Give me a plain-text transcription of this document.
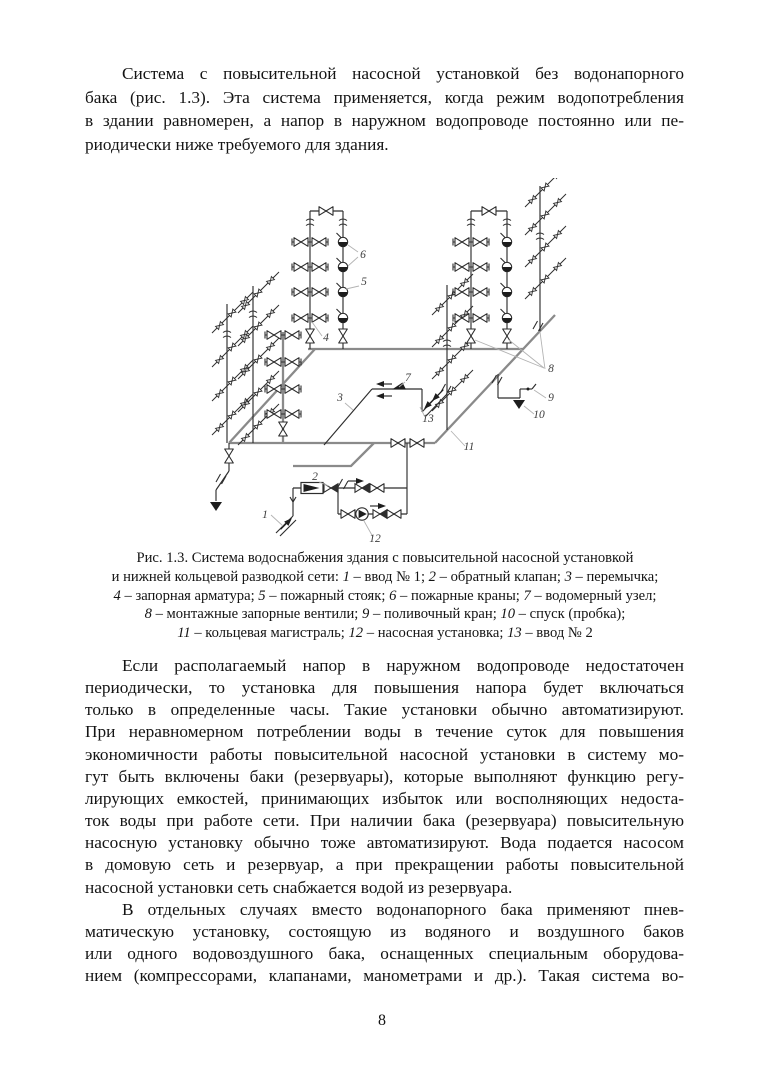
Система с повысительной насосной установкой без водонапорного
бака (рис. 1.3). Эта система применяется, когда режим водопотребления
в здании равномерен, а напор в наружном водопроводе постоянно или пе-
риодически ниже требуемого для здания.
1
2
3
4
5
6
7
8
9
10
11
12
13
Рис. 1.3. Система водоснабжения здания с повысительной насосной установкой
и нижней кольцевой разводкой сети: 1 – ввод № 1; 2 – обратный клапан; 3 – перемычка;
4 – запорная арматура; 5 – пожарный стояк; 6 – пожарные краны; 7 – водомерный узел;
8 – монтажные запорные вентили; 9 – поливочный кран; 10 – спуск (пробка);
11 – кольцевая магистраль; 12 – насосная установка; 13 – ввод № 2
Если располагаемый напор в наружном водопроводе недостаточен
периодически, то установка для повышения напора будет включаться
только в определенные часы. Такие установки обычно автоматизируют.
При неравномерном потреблении воды в течение суток для повышения
экономичности работы повысительной насосной установки в систему мо-
гут быть включены баки (резервуары), которые выполняют функцию регу-
лирующих емкостей, принимающих избыток или восполняющих недоста-
ток воды при работе сети. При наличии бака (резервуара) повысительную
насосную установку обычно тоже автоматизируют. Вода подается насосом
в домовую сеть и резервуар, а при прекращении работы повысительной
насосной установки сеть снабжается водой из резервуара.
В отдельных случаях вместо водонапорного бака применяют пнев-
матическую установку, состоящую из водяного и воздушного баков
или одного водовоздушного бака, оснащенных специальным оборудова-
нием (компрессорами, клапанами, манометрами и др.). Такая система во-
8
